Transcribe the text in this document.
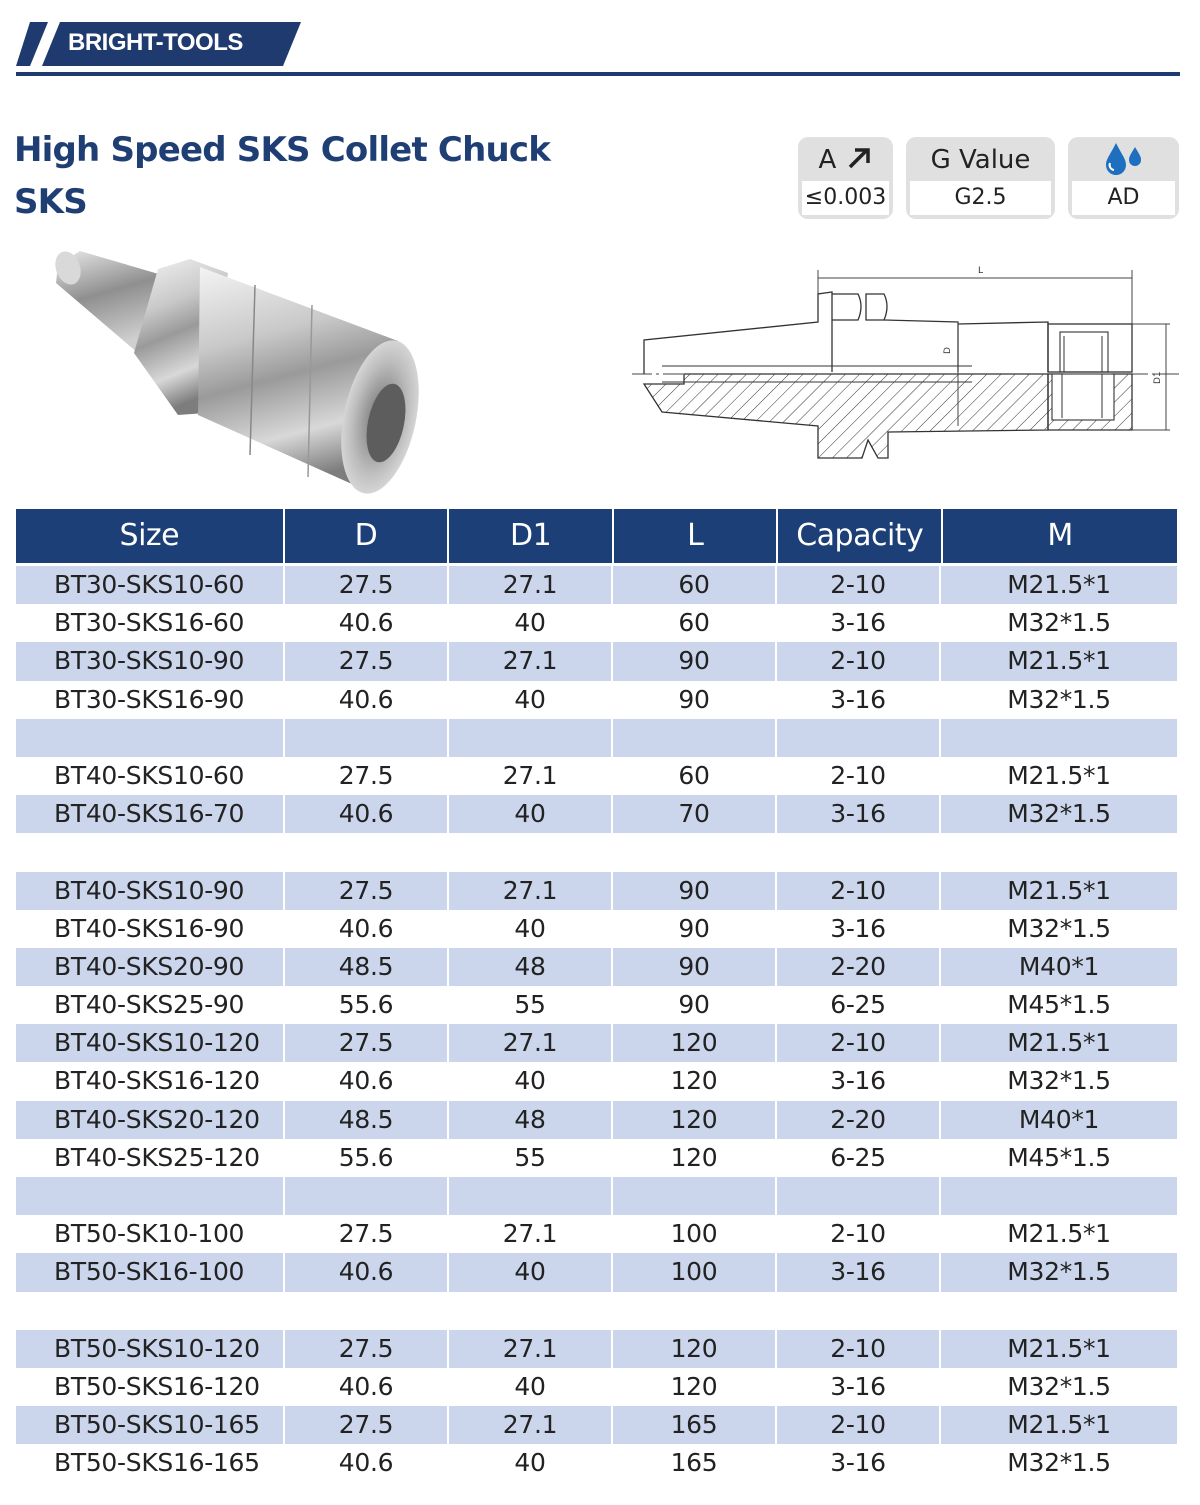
BRIGHT-TOOLS
High Speed SKS Collet Chuck
SKS
A
≤0.003
G Value
G2.5	AD
L
D
D1
Size	D	D1	L	Capacity	M
BT30-SKS10-60	27.5	27.1	60	2-10	M21.5*1
BT30-SKS16-60	40.6	40	60	3-16	M32*1.5
BT30-SKS10-90	27.5	27.1	90	2-10	M21.5*1
BT30-SKS16-90	40.6	40	90	3-16	M32*1.5
BT40-SKS10-60	27.5	27.1	60	2-10	M21.5*1
BT40-SKS16-70	40.6	40	70	3-16	M32*1.5
BT40-SKS10-90	27.5	27.1	90	2-10	M21.5*1
BT40-SKS16-90	40.6	40	90	3-16	M32*1.5
BT40-SKS20-90	48.5	48	90	2-20	M40*1
BT40-SKS25-90	55.6	55	90	6-25	M45*1.5
BT40-SKS10-120	27.5	27.1	120	2-10	M21.5*1
BT40-SKS16-120	40.6	40	120	3-16	M32*1.5
BT40-SKS20-120	48.5	48	120	2-20	M40*1
BT40-SKS25-120	55.6	55	120	6-25	M45*1.5
BT50-SK10-100	27.5	27.1	100	2-10	M21.5*1
BT50-SK16-100	40.6	40	100	3-16	M32*1.5
BT50-SKS10-120	27.5	27.1	120	2-10	M21.5*1
BT50-SKS16-120	40.6	40	120	3-16	M32*1.5
BT50-SKS10-165	27.5	27.1	165	2-10	M21.5*1
BT50-SKS16-165	40.6	40	165	3-16	M32*1.5
